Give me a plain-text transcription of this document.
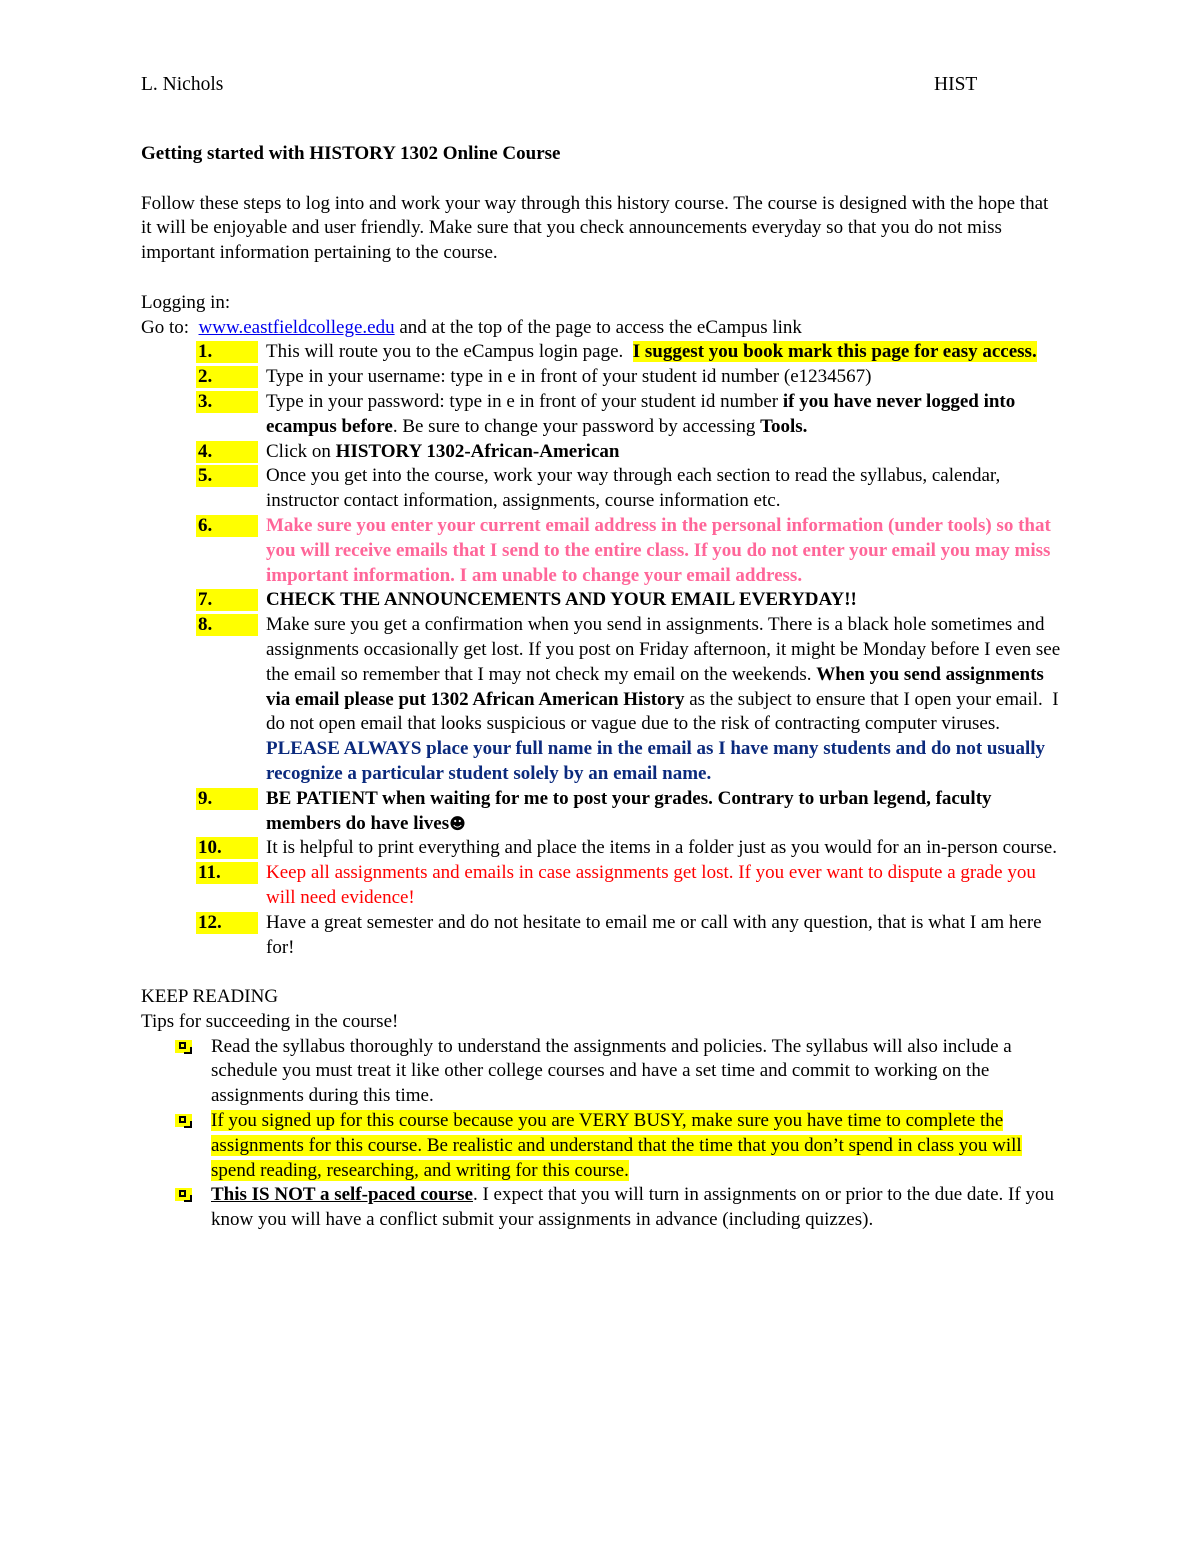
L. Nichols	HIST

Getting started with HISTORY 1302 Online Course

Follow these steps to log into and work your way through this history course. The course is designed with the hope that it will be enjoyable and user friendly. Make sure that you check announcements everyday so that you do not miss important information pertaining to the course.

Logging in:

Go to:  www.eastfieldcollege.edu and at the top of the page to access the eCampus link

1.	This will route you to the eCampus login page.  I suggest you book mark this page for easy access.
2.	Type in your username: type in e in front of your student id number (e1234567)
3.	Type in your password: type in e in front of your student id number if you have never logged into ecampus before. Be sure to change your password by accessing Tools.
4.	Click on HISTORY 1302-African-American
5.	Once you get into the course, work your way through each section to read the syllabus, calendar, instructor contact information, assignments, course information etc.
6.	Make sure you enter your current email address in the personal information (under tools) so that you will receive emails that I send to the entire class. If you do not enter your email you may miss important information. I am unable to change your email address.
7.	CHECK THE ANNOUNCEMENTS AND YOUR EMAIL EVERYDAY!!
8.	Make sure you get a confirmation when you send in assignments. There is a black hole sometimes and assignments occasionally get lost. If you post on Friday afternoon, it might be Monday before I even see the email so remember that I may not check my email on the weekends. When you send assignments via email please put 1302 African American History as the subject to ensure that I open your email.  I do not open email that looks suspicious or vague due to the risk of contracting computer viruses. PLEASE ALWAYS place your full name in the email as I have many students and do not usually recognize a particular student solely by an email name.
9.	BE PATIENT when waiting for me to post your grades. Contrary to urban legend, faculty members do have lives☻
10.	It is helpful to print everything and place the items in a folder just as you would for an in-person course.
11.	Keep all assignments and emails in case assignments get lost. If you ever want to dispute a grade you will need evidence!
12.	Have a great semester and do not hesitate to email me or call with any question, that is what I am here for!

KEEP READING

Tips for succeeding in the course!

Read the syllabus thoroughly to understand the assignments and policies. The syllabus will also include a schedule you must treat it like other college courses and have a set time and commit to working on the assignments during this time.
If you signed up for this course because you are VERY BUSY, make sure you have time to complete the assignments for this course. Be realistic and understand that the time that you don’t spend in class you will spend reading, researching, and writing for this course.
This IS NOT a self-paced course. I expect that you will turn in assignments on or prior to the due date. If you know you will have a conflict submit your assignments in advance (including quizzes).
